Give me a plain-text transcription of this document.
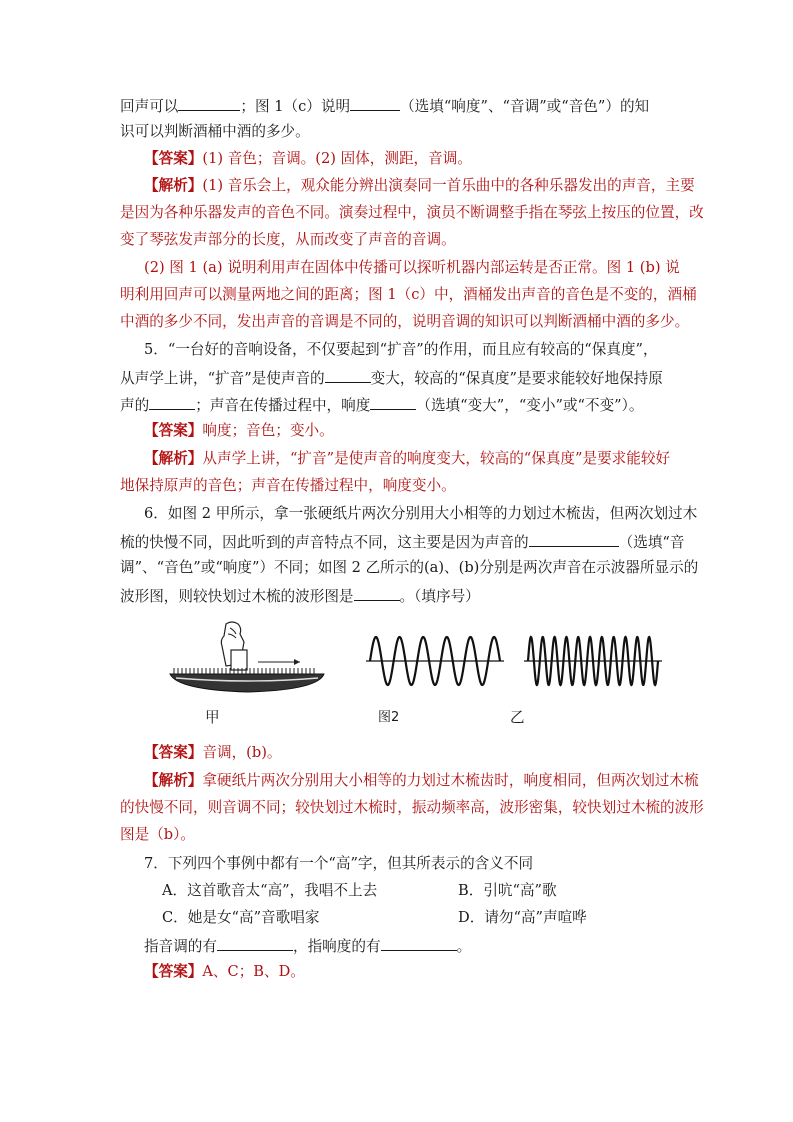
回声可以	；图 1（c）说明	（选填“响度”、“音调”或“音色”）的知
识可以判断酒桶中酒的多少。
【答案】(1) 音色；音调。(2) 固体，测距，音调。
【解析】(1) 音乐会上，观众能分辨出演奏同一首乐曲中的各种乐器发出的声音，主要
是因为各种乐器发声的音色不同。演奏过程中，演员不断调整手指在琴弦上按压的位置，改
变了琴弦发声部分的长度，从而改变了声音的音调。
(2) 图 1 (a) 说明利用声在固体中传播可以探听机器内部运转是否正常。图 1 (b) 说
明利用回声可以测量两地之间的距离；图 1（c）中，酒桶发出声音的音色是不变的，酒桶
中酒的多少不同，发出声音的音调是不同的，说明音调的知识可以判断酒桶中酒的多少。
5．“一台好的音响设备，不仅要起到“扩音”的作用，而且应有较高的“保真度”，
从声学上讲，“扩音”是使声音的	变大，较高的“保真度”是要求能较好地保持原
声的	；声音在传播过程中，响度	（选填“变大”，“变小”或“不变”）。
【答案】响度；音色；变小。
【解析】从声学上讲，“扩音”是使声音的响度变大，较高的“保真度”是要求能较好
地保持原声的音色；声音在传播过程中，响度变小。
6．如图 2 甲所示，拿一张硬纸片两次分别用大小相等的力划过木梳齿，但两次划过木
梳的快慢不同，因此听到的声音特点不同，这主要是因为声音的	（选填“音
调”、“音色”或“响度”）不同；如图 2 乙所示的(a)、(b)分别是两次声音在示波器所显示的
波形图，则较快划过木梳的波形图是	。（填序号）
甲	图2	乙
【答案】音调，(b)。
【解析】拿硬纸片两次分别用大小相等的力划过木梳齿时，响度相同，但两次划过木梳
的快慢不同，则音调不同；较快划过木梳时，振动频率高，波形密集，较快划过木梳的波形
图是（b）。
7．下列四个事例中都有一个“高”字，但其所表示的含义不同
A．这首歌音太“高”，我唱不上去	B．引吭“高”歌
C．她是女“高”音歌唱家	D．请勿“高”声喧哗
指音调的有	，指响度的有	。
【答案】A、C；B、D。
